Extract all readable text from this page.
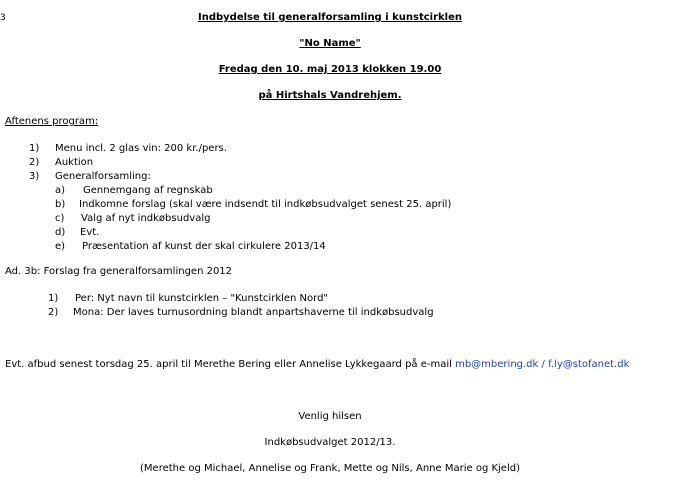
3	Indbydelse til generalforsamling i kunstcirklen
"No Name"
Fredag den 10. maj 2013 klokken 19.00
på Hirtshals Vandrehjem.
Aftenens program:
1) Menu incl. 2 glas vin: 200 kr./pers.
2) Auktion
3) Generalforsamling:
a) Gennemgang af regnskab
b) Indkomne forslag (skal være indsendt til indkøbsudvalget senest 25. april)
c) Valg af nyt indkøbsudvalg
d) Evt.
e) Præsentation af kunst der skal cirkulere 2013/14
Ad. 3b: Forslag fra generalforsamlingen 2012
1) Per: Nyt navn til kunstcirklen – "Kunstcirklen Nord"
2) Mona: Der laves turnusordning blandt anpartshaverne til indkøbsudvalg
Evt. afbud senest torsdag 25. april til Merethe Bering eller Annelise Lykkegaard på e-mail mb@mbering.dk / f.ly@stofanet.dk
Venlig hilsen
Indkøbsudvalget 2012/13.
(Merethe og Michael, Annelise og Frank, Mette og Nils, Anne Marie og Kjeld)
